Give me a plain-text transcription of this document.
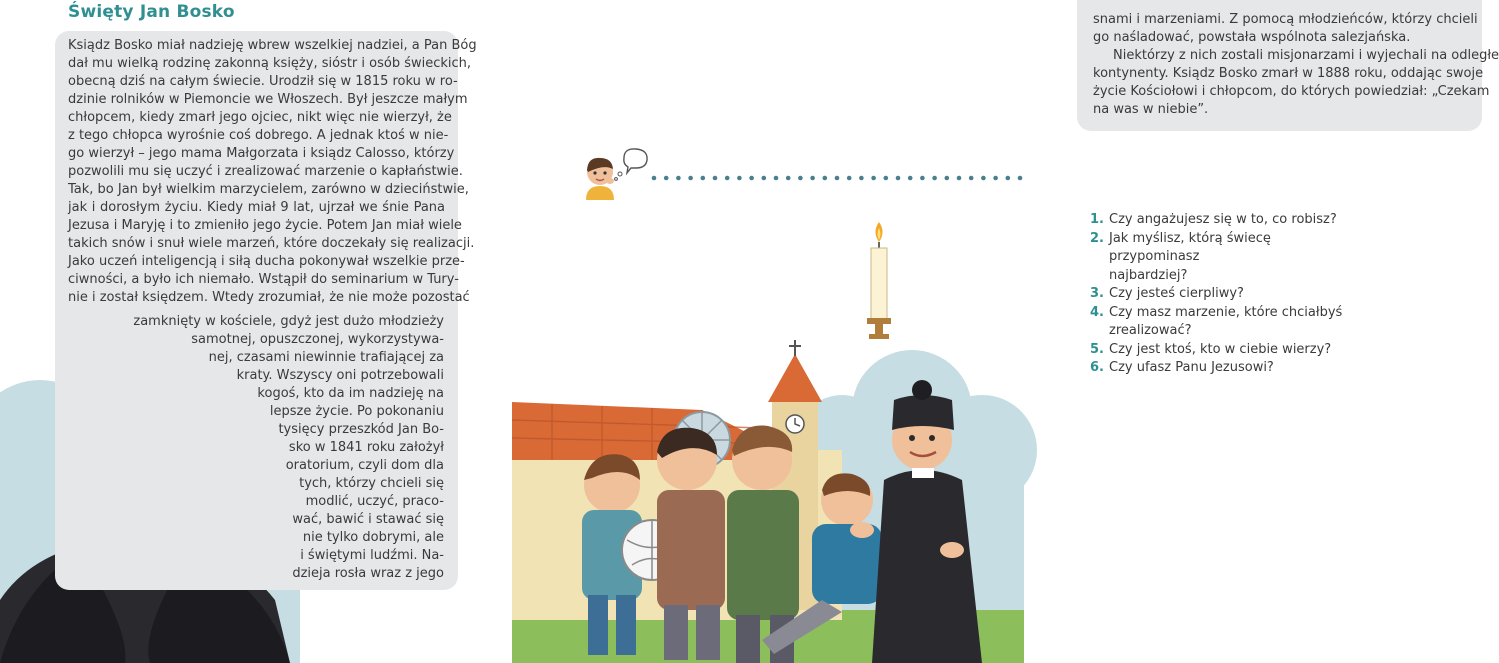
Święty Jan Bosko
Ksiądz Bosko miał nadzieję wbrew wszelkiej nadziei, a Pan Bóg
dał mu wielką rodzinę zakonną księży, sióstr i osób świeckich,
obecną dziś na całym świecie. Urodził się w 1815 roku w ro-
dzinie rolników w Piemoncie we Włoszech. Był jeszcze małym
chłopcem, kiedy zmarł jego ojciec, nikt więc nie wierzył, że
z tego chłopca wyrośnie coś dobrego. A jednak ktoś w nie-
go wierzył – jego mama Małgorzata i ksiądz Calosso, którzy
pozwolili mu się uczyć i zrealizować marzenie o kapłaństwie.
Tak, bo Jan był wielkim marzycielem, zarówno w dzieciństwie,
jak i dorosłym życiu. Kiedy miał 9 lat, ujrzał we śnie Pana
Jezusa i Maryję i to zmieniło jego życie. Potem Jan miał wiele
takich snów i snuł wiele marzeń, które doczekały się realizacji.
Jako uczeń inteligencją i siłą ducha pokonywał wszelkie prze-
ciwności, a było ich niemało. Wstąpił do seminarium w Tury-
nie i został księdzem. Wtedy zrozumiał, że nie może pozostać
zamknięty w kościele, gdyż jest dużo młodzieży
samotnej, opuszczonej, wykorzystywa-
nej, czasami niewinnie trafiającej za
kraty. Wszyscy oni potrzebowali
kogoś, kto da im nadzieję na
lepsze życie. Po pokonaniu
tysięcy przeszkód Jan Bo-
sko w 1841 roku założył
oratorium, czyli dom dla
tych, którzy chcieli się
modlić, uczyć, praco-
wać, bawić i stawać się
nie tylko dobrymi, ale
i świętymi ludźmi. Na-
dzieja rosła wraz z jego
snami i marzeniami. Z pomocą młodzieńców, którzy chcieli
go naśladować, powstała wspólnota salezjańska.
Niektórzy z nich zostali misjonarzami i wyjechali na odległe
kontynenty. Ksiądz Bosko zmarł w 1888 roku, oddając swoje
życie Kościołowi i chłopcom, do których powiedział: „Czekam
na was w niebie”.
1. Czy angażujesz się w to, co robisz?
2. Jak myślisz, którą świecę przypominasz
najbardziej?
3. Czy jesteś cierpliwy?
4. Czy masz marzenie, które chciałbyś
zrealizować?
5. Czy jest ktoś, kto w ciebie wierzy?
6. Czy ufasz Panu Jezusowi?
